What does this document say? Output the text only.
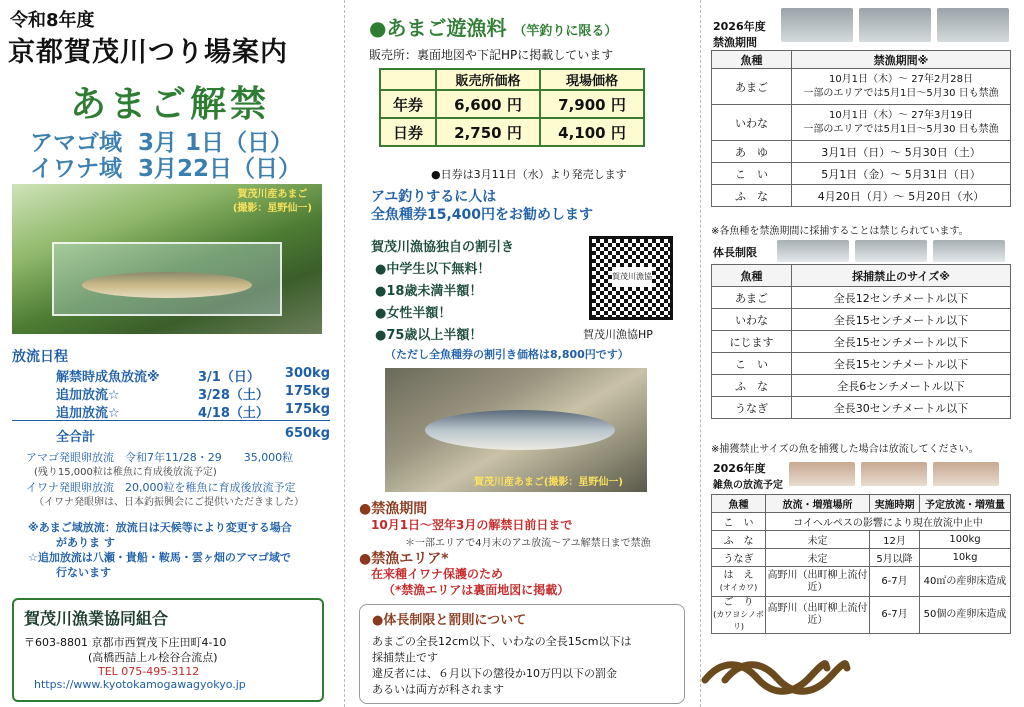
令和8年度
京都賀茂川つり場案内
あまご解禁
アマゴ域 3月 1日（日）
イワナ域 3月22日（日）
賀茂川産あまご
(撮影：星野仙一)
放流日程
解禁時成魚放流※	3/1（日） 300kg
追加放流☆	3/28（土） 175kg
追加放流☆	4/18（土） 175kg
全合計	650kg
アマゴ発眼卵放流　令和7年11/28・29　　35,000粒
(残り15,000粒は稚魚に育成後放流予定)
イワナ発眼卵放流　20,000粒を稚魚に育成後放流予定
（イワナ発眼卵は、日本釣振興会にご提供いただきました）
※あまご域放流：放流日は天候等により変更する場合
がありま す
☆追加放流は八瀬・貴船・鞍馬・雲ヶ畑のアマゴ域で
行ないます
賀茂川漁業協同組合
〒603-8801 京都市西賀茂下庄田町4-10
(高橋西詰上ル桧谷合流点)
TEL 075-495-3112
https://www.kyotokamogawagyokyo.jp
●あまご遊漁料 （竿釣りに限る）
販売所：裏面地図や下記HPに掲載しています
	販売所価格	現場価格
年券	6,600 円	7,900 円
日券	2,750 円	4,100 円
●日券は3月11日（水）より発売します
アユ釣りするに人は
全魚種券15,400円をお勧めします
賀茂川漁協独自の割引き
●中学生以下無料！
●18歳未満半額！
●女性半額！
●75歳以上半額！
（ただし全魚種券の割引き価格は8,800円です）
賀茂川漁協
賀茂川漁協HP
賀茂川産あまご(撮影：星野仙一)
●禁漁期間
10月1日〜翌年3月の解禁日前日まで
＊一部エリアで4月末のアユ放流〜アユ解禁日まで禁漁
●禁漁エリア*
在来種イワナ保護のため
（*禁漁エリアは裏面地図に掲載）
●体長制限と罰則について
あまごの全長12cm以下、いわなの全長15cm以下は
採捕禁止です
違反者には、６月以下の懲役か10万円以下の罰金
あるいは両方が科されます
2026年度
禁漁期間
魚種	禁漁期間※
あまご	10月1日（木）〜 27年2月28日
一部のエリアでは5月1日〜5月30 日も禁漁

いわな	10月1日（木）〜 27年3月19日
一部のエリアでは5月1日〜5月30 日も禁漁

あ　ゆ	3月1日（日）〜 5月30日（土）
こ　い	5月1日（金）〜 5月31日（日）
ふ　な	4月20日（月）〜 5月20日（水）
※各魚種を禁漁期間に採捕することは禁じられています。
体長制限
魚種	採捕禁止のサイズ※
あまご	全長12センチメートル以下
いわな	全長15センチメートル以下
にじます	全長15センチメートル以下
こ　い	全長15センチメートル以下
ふ　な	全長6センチメートル以下
うなぎ	全長30センチメートル以下
※捕獲禁止サイズの魚を捕獲した場合は放流してください。
2026年度
雑魚の放流予定
魚種	放流・増殖場所	実施時期	予定放流・増殖量
こ　い	コイヘルペスの影響により現在放流中止中		
ふ　な	未定	12月	100kg
うなぎ	未定	5月以降	10kg

は　え
(オイカワ)	高野川（出町柳上流付近）	6-7月	40㎡の産卵床造成

ご　り
(カワヨシノボリ)	高野川（出町柳上流付近）	6-7月	50個の産卵床造成
